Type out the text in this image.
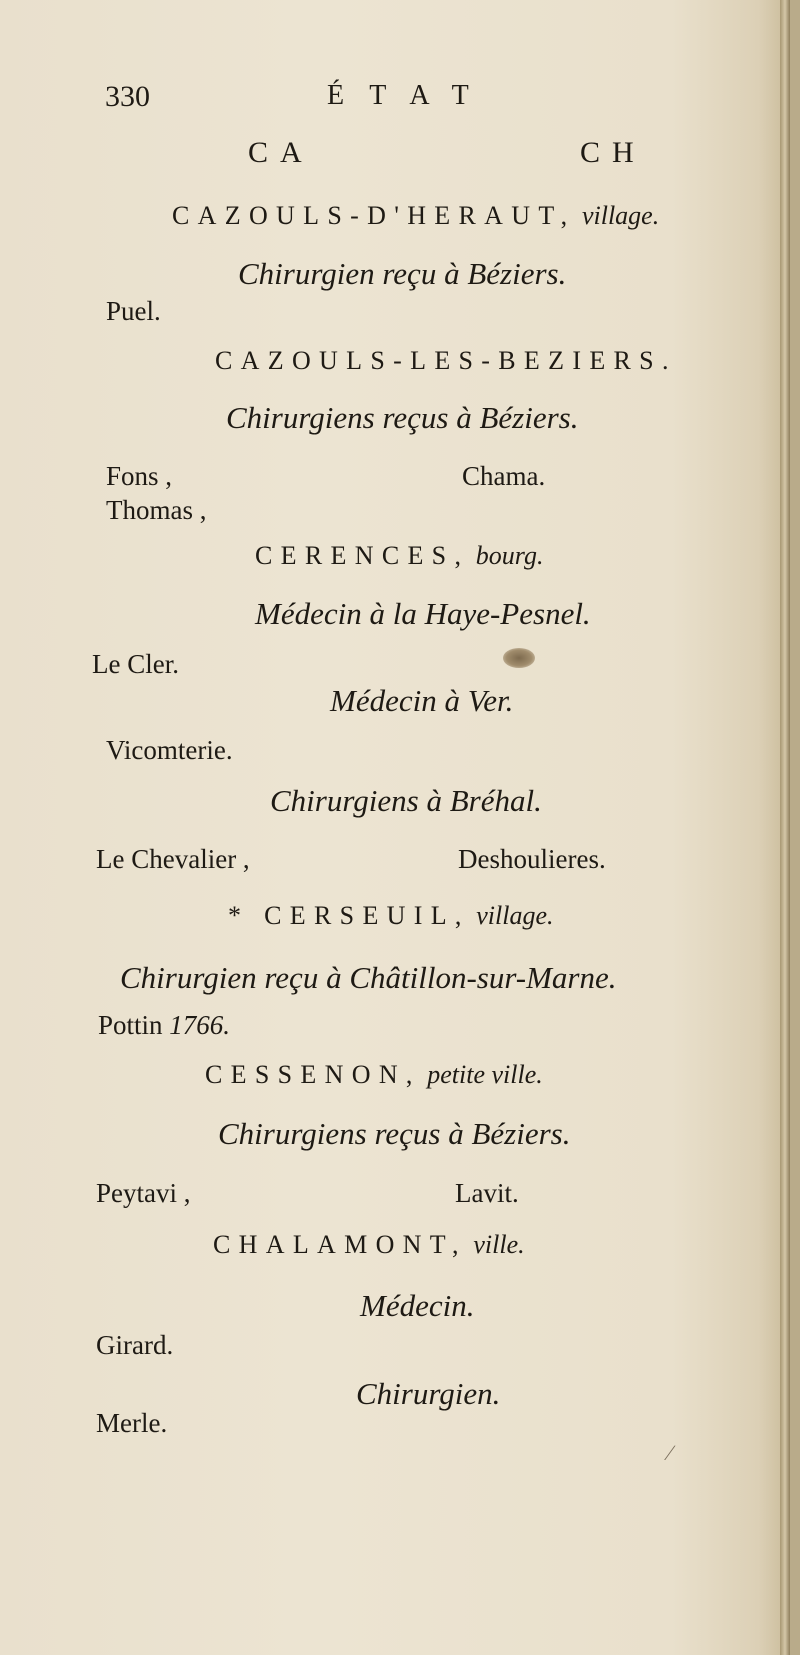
330	ÉTAT
CA	CH
CAZOULS-D'HERAUT, village.
Chirurgien reçu à Béziers.
Puel.
CAZOULS-LES-BEZIERS.
Chirurgiens reçus à Béziers.
Fons ,	Chama.
Thomas ,
CERENCES, bourg.
Médecin à la Haye-Pesnel.
Le Cler.
Médecin à Ver.
Vicomterie.
Chirurgiens à Bréhal.
Le Chevalier ,	Deshoulieres.
* CERSEUIL, village.
Chirurgien reçu à Châtillon-sur-Marne.
Pottin 1766.
CESSENON, petite ville.
Chirurgiens reçus à Béziers.
Peytavi ,	Lavit.
CHALAMONT, ville.
Médecin.
Girard.
Chirurgien.
Merle.
∕
